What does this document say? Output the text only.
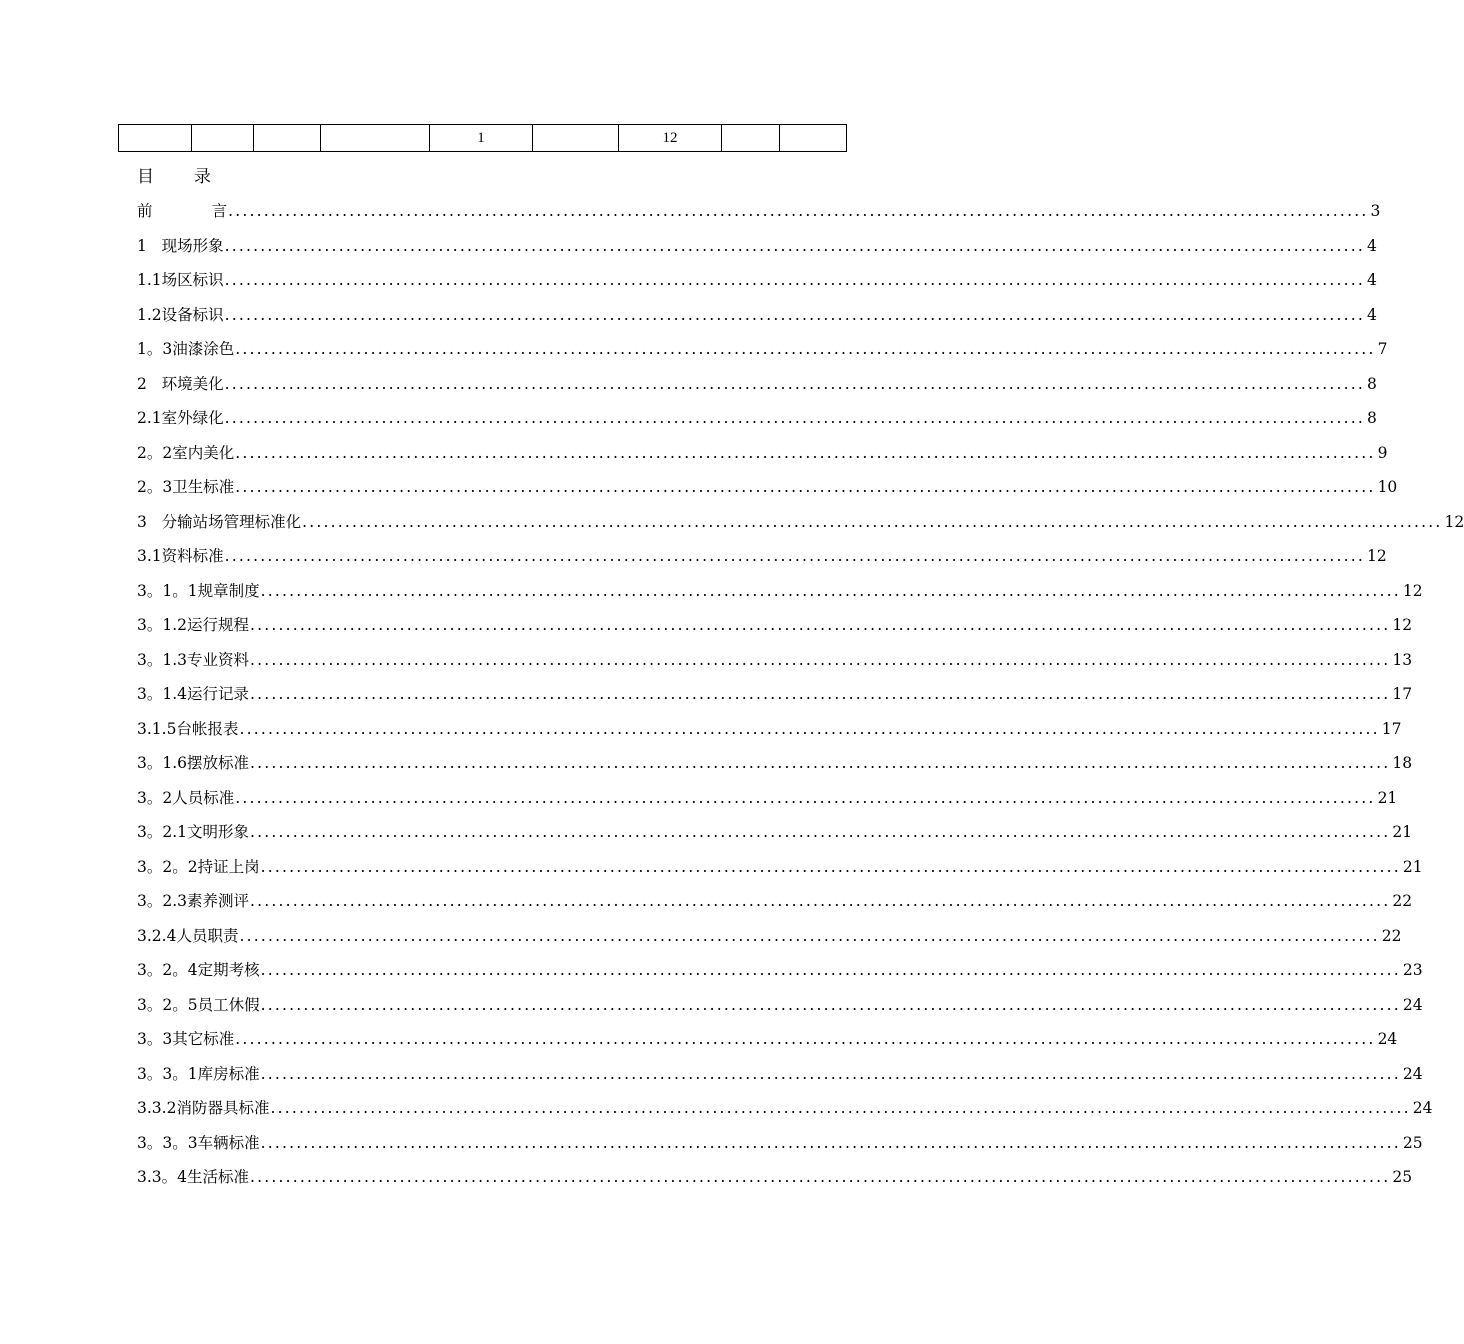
				1		12		
目 录
前            言 ................................................................................................................................................................ 3
1   现场形象 ................................................................................................................................................................ 4
1.1场区标识 ................................................................................................................................................................ 4
1.2设备标识 ................................................................................................................................................................ 4
1。3油漆涂色 ................................................................................................................................................................ 7
2   环境美化 ................................................................................................................................................................ 8
2.1室外绿化 ................................................................................................................................................................ 8
2。2室内美化 ................................................................................................................................................................ 9
2。3卫生标准 ................................................................................................................................................................ 10
3   分输站场管理标准化 ................................................................................................................................................................ 12
3.1资料标准 ................................................................................................................................................................ 12
3。1。1规章制度 ................................................................................................................................................................ 12
3。1.2运行规程 ................................................................................................................................................................ 12
3。1.3专业资料 ................................................................................................................................................................ 13
3。1.4运行记录 ................................................................................................................................................................ 17
3.1.5台帐报表 ................................................................................................................................................................ 17
3。1.6摆放标准 ................................................................................................................................................................ 18
3。2人员标准 ................................................................................................................................................................ 21
3。2.1文明形象 ................................................................................................................................................................ 21
3。2。2持证上岗 ................................................................................................................................................................ 21
3。2.3素养测评 ................................................................................................................................................................ 22
3.2.4人员职责 ................................................................................................................................................................ 22
3。2。4定期考核 ................................................................................................................................................................ 23
3。2。5员工休假 ................................................................................................................................................................ 24
3。3其它标准 ................................................................................................................................................................ 24
3。3。1库房标准 ................................................................................................................................................................ 24
3.3.2消防器具标准 ................................................................................................................................................................ 24
3。3。3车辆标准 ................................................................................................................................................................ 25
3.3。4生活标准 ................................................................................................................................................................ 25
